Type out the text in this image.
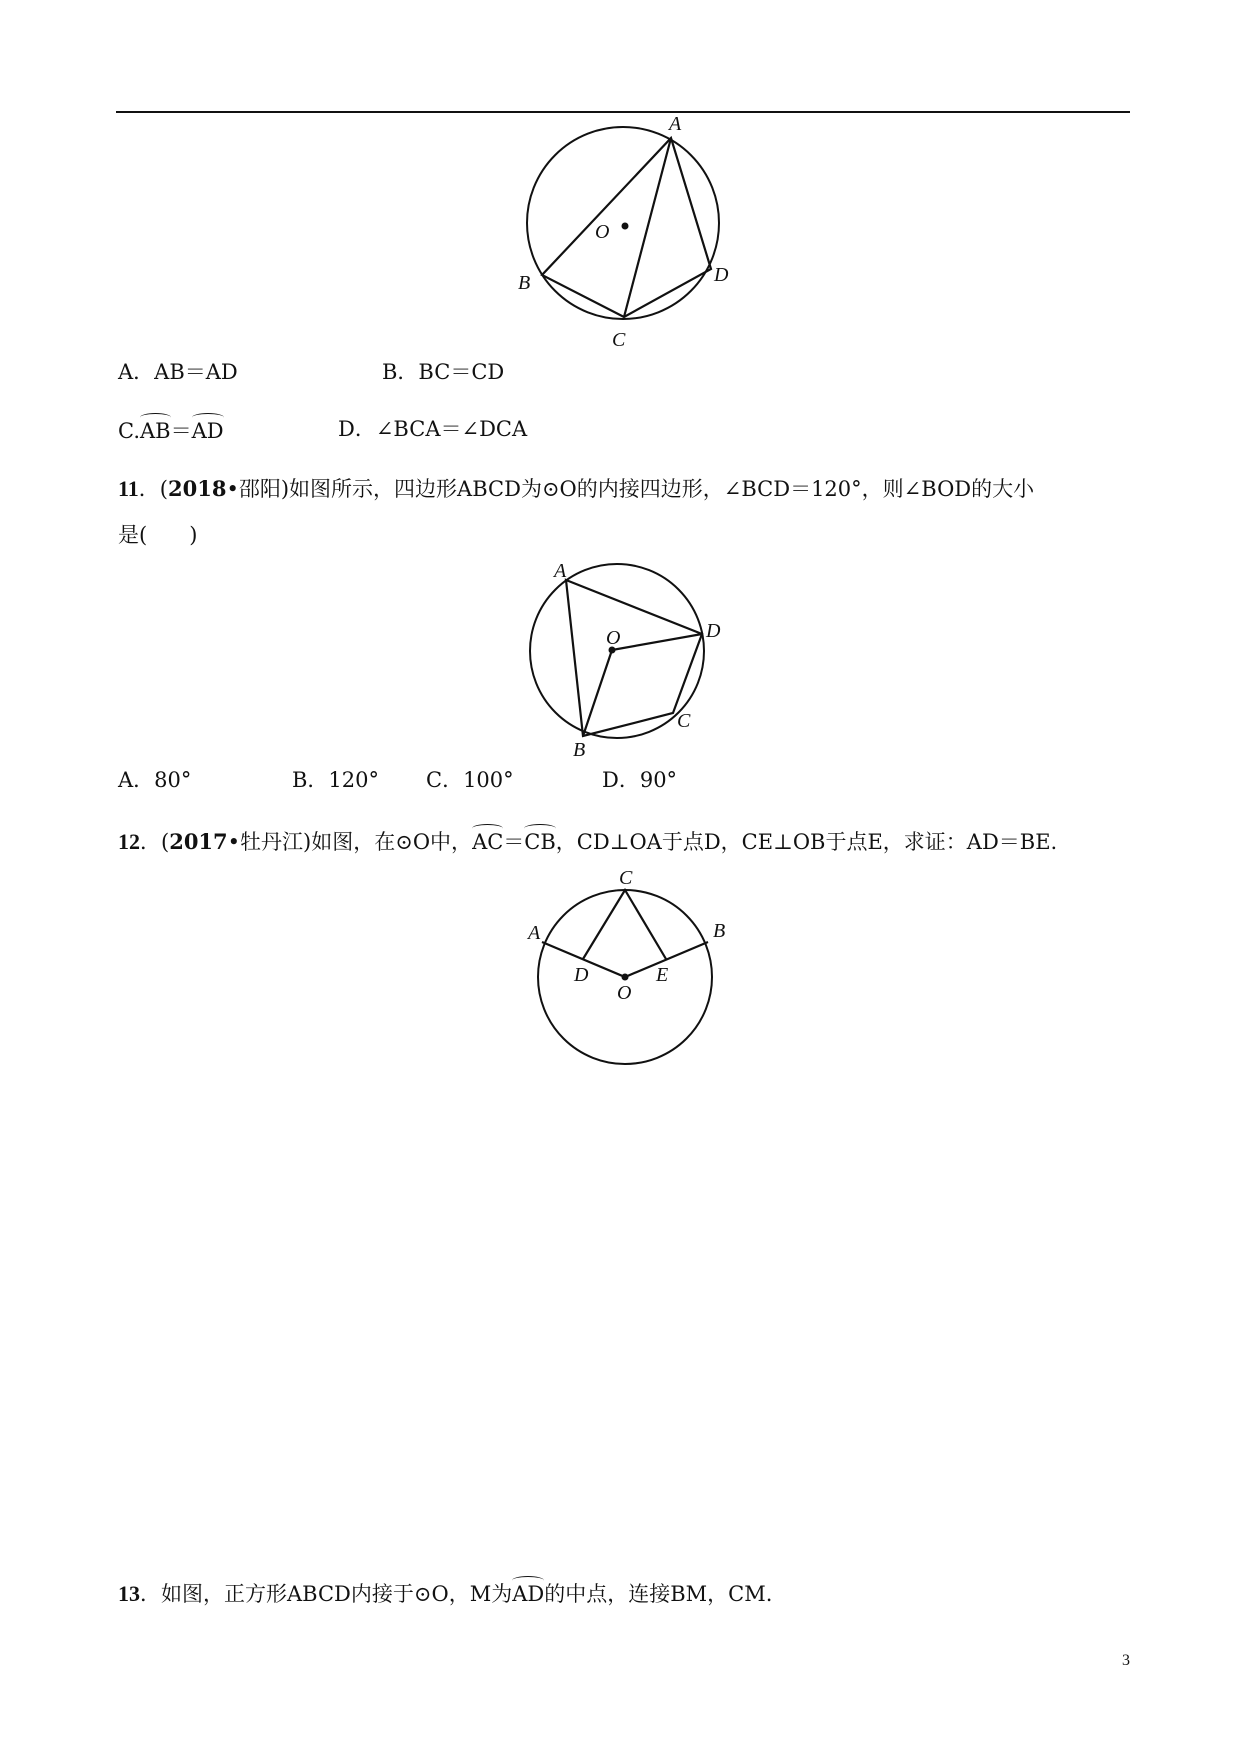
A
B
C
D
O
A．AB＝AD	B．BC＝CD
C.AB＝AD	D．∠BCA＝∠DCA
11．(2018•邵阳)如图所示，四边形ABCD为⊙O的内接四边形，∠BCD＝120°，则∠BOD的大小
是(　　)
A
D
C
B
O
A．80°	B．120° C．100°	D．90°
12．(2017•牡丹江)如图，在⊙O中，AC＝CB，CD⊥OA于点D，CE⊥OB于点E，求证：AD＝BE.
C
A	B
D	E
O
13．如图，正方形ABCD内接于⊙O，M为AD的中点，连接BM，CM.
3
